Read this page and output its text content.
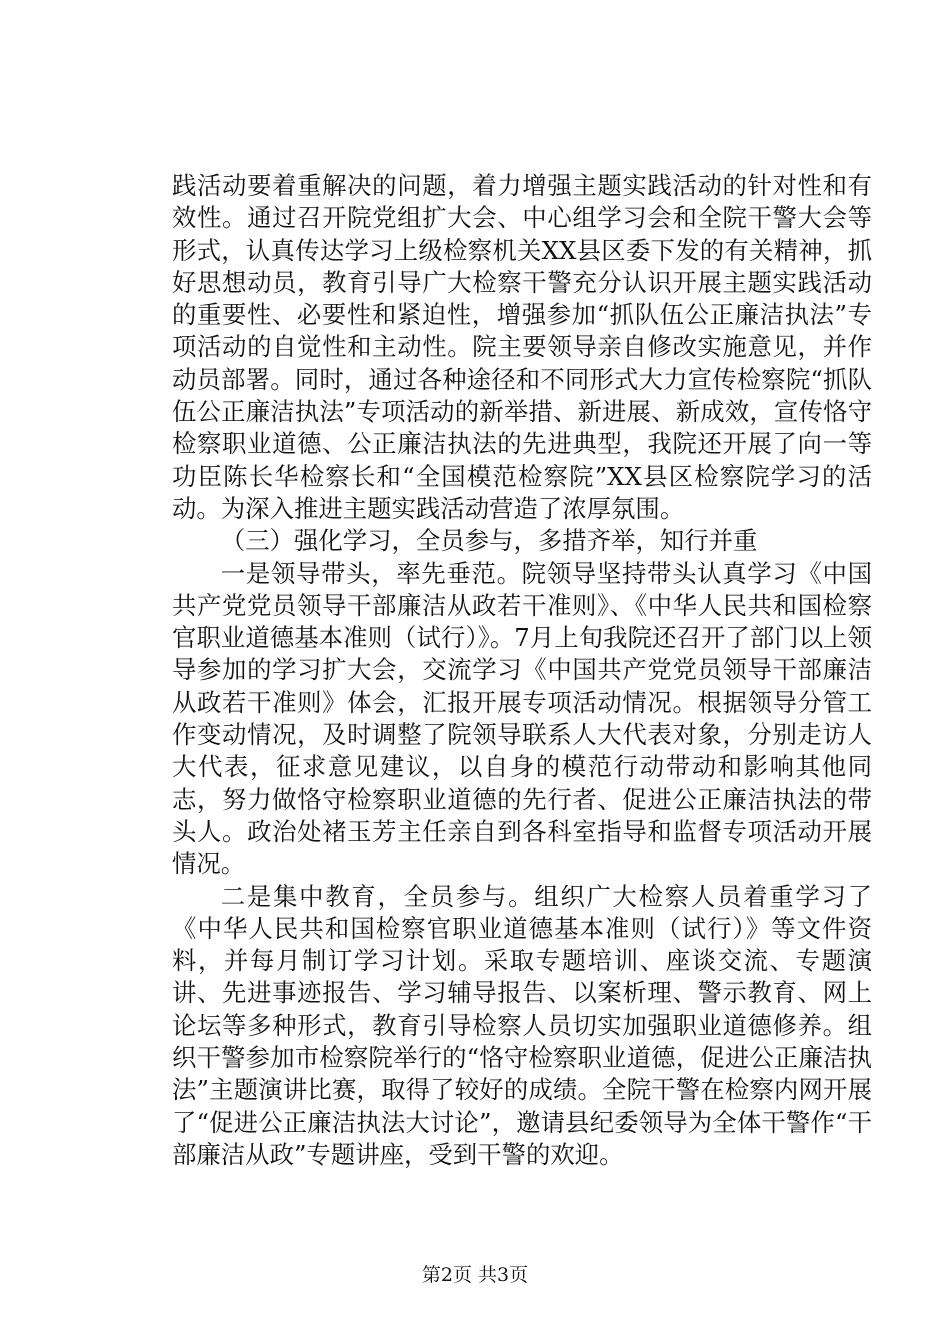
践活动要着重解决的问题，着力增强主题实践活动的针对性和有效性。通过召开院党组扩大会、中心组学习会和全院干警大会等形式，认真传达学习上级检察机关XX县区委下发的有关精神，抓好思想动员，教育引导广大检察干警充分认识开展主题实践活动的重要性、必要性和紧迫性，增强参加“抓队伍公正廉洁执法”专项活动的自觉性和主动性。院主要领导亲自修改实施意见，并作动员部署。同时，通过各种途径和不同形式大力宣传检察院“抓队伍公正廉洁执法”专项活动的新举措、新进展、新成效，宣传恪守检察职业道德、公正廉洁执法的先进典型，我院还开展了向一等功臣陈长华检察长和“全国模范检察院”XX县区检察院学习的活动。为深入推进主题实践活动营造了浓厚氛围。

（三）强化学习，全员参与，多措齐举，知行并重

一是领导带头，率先垂范。院领导坚持带头认真学习《中国共产党党员领导干部廉洁从政若干准则》、《中华人民共和国检察官职业道德基本准则（试行）》。7月上旬我院还召开了部门以上领导参加的学习扩大会，交流学习《中国共产党党员领导干部廉洁从政若干准则》体会，汇报开展专项活动情况。根据领导分管工作变动情况，及时调整了院领导联系人大代表对象，分别走访人大代表，征求意见建议，以自身的模范行动带动和影响其他同志，努力做恪守检察职业道德的先行者、促进公正廉洁执法的带头人。政治处褚玉芳主任亲自到各科室指导和监督专项活动开展情况。

二是集中教育，全员参与。组织广大检察人员着重学习了《中华人民共和国检察官职业道德基本准则（试行）》等文件资料，并每月制订学习计划。采取专题培训、座谈交流、专题演讲、先进事迹报告、学习辅导报告、以案析理、警示教育、网上论坛等多种形式，教育引导检察人员切实加强职业道德修养。组织干警参加市检察院举行的“恪守检察职业道德，促进公正廉洁执法”主题演讲比赛，取得了较好的成绩。全院干警在检察内网开展了“促进公正廉洁执法大讨论”，邀请县纪委领导为全体干警作“干部廉洁从政”专题讲座，受到干警的欢迎。

第2页 共3页
